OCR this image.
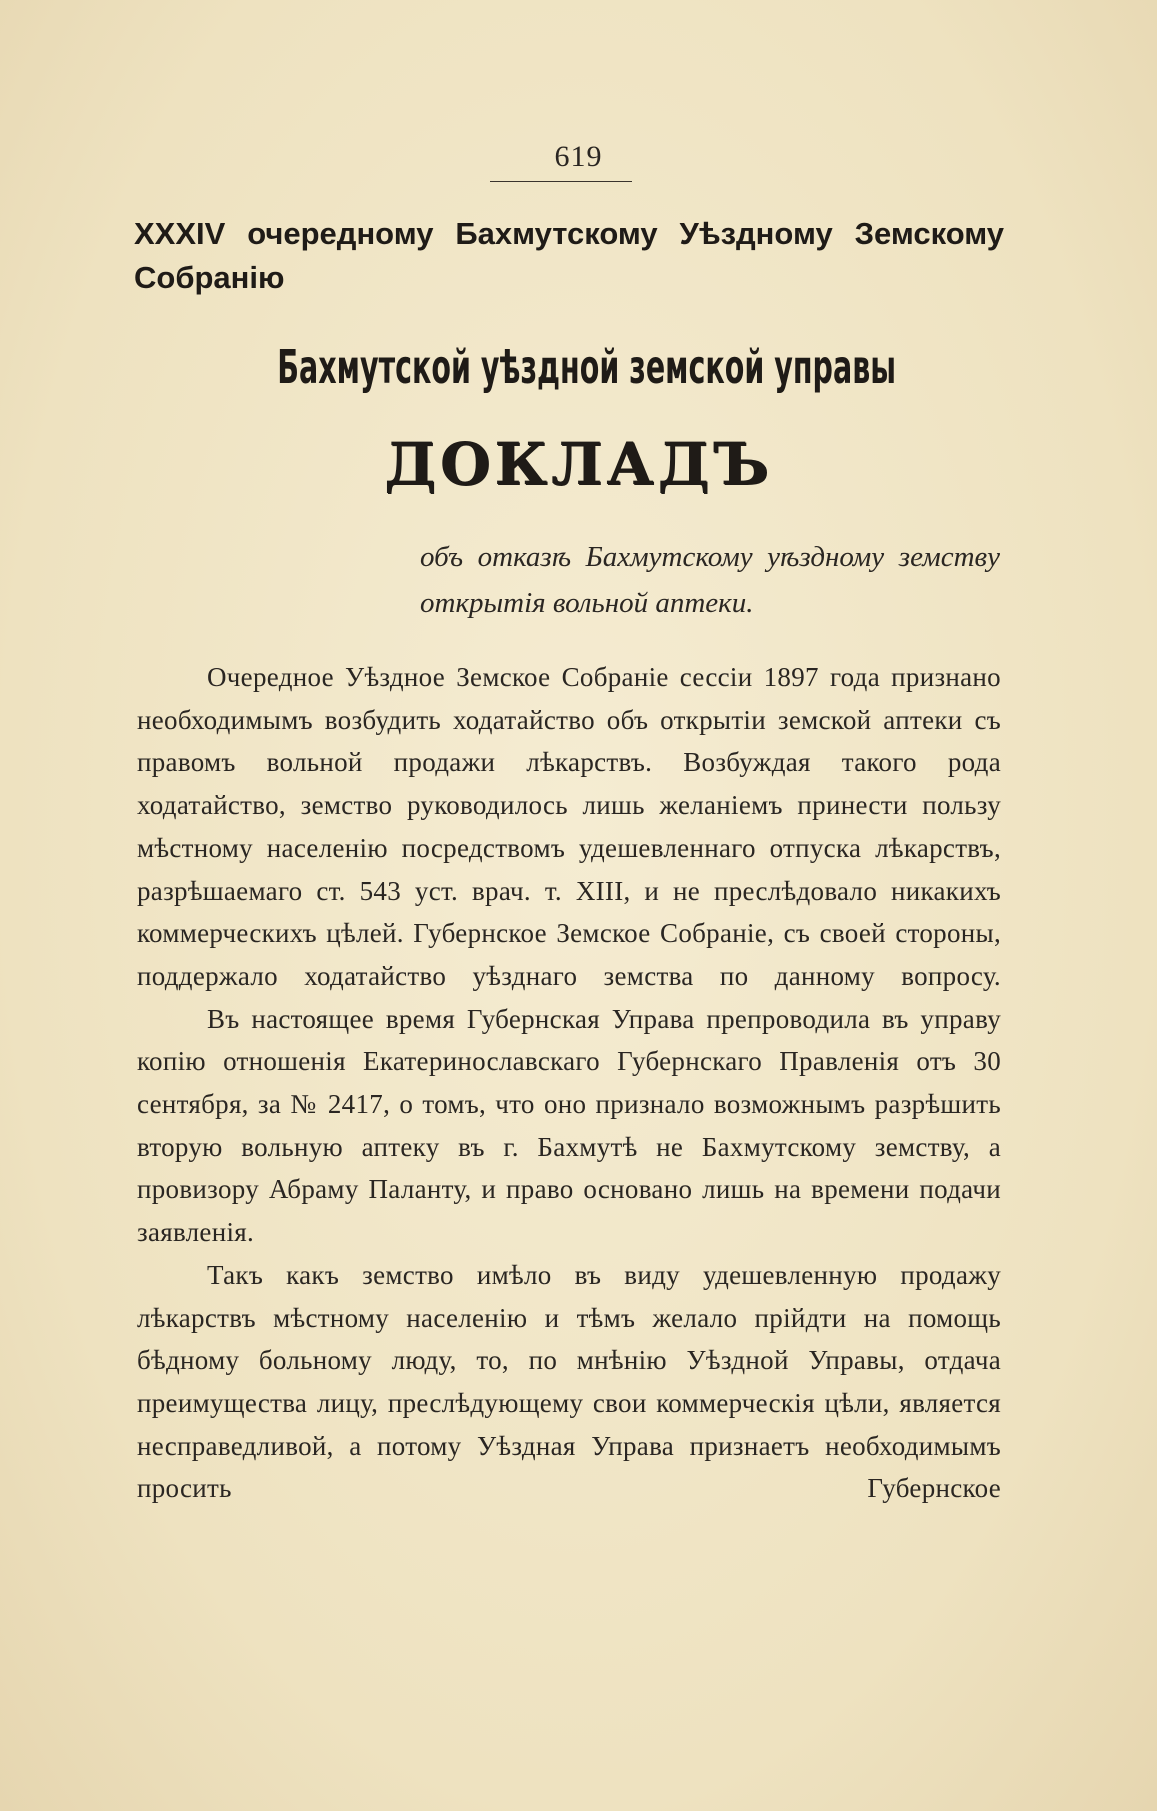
619
XXXIV очередному Бахмутскому Уѣздному Земскому Собранію
Бахмутской уѣздной земской управы
ДОКЛАДЪ
объ отказѣ Бахмутскому уѣздному земству открытія вольной аптеки.

Очередное Уѣздное Земское Собраніе сессіи 1897 года признано необходимымъ возбудить ходатайство объ открытіи земской аптеки съ правомъ вольной продажи лѣкарствъ. Возбуждая такого рода ходатайство, земство руководилось лишь желаніемъ принести пользу мѣстному населенію посредствомъ удешевленнаго отпуска лѣкарствъ, разрѣшаемаго ст. 543 уст. врач. т. XIII, и не преслѣдовало никакихъ коммерческихъ цѣлей. Губернское Земское Собраніе, съ своей стороны, поддержало ходатайство уѣзднаго земства по данному вопросу.

Въ настоящее время Губернская Управа препроводила въ управу копію отношенія Екатеринославскаго Губернскаго Правленія отъ 30 сентября, за № 2417, о томъ, что оно признало возможнымъ разрѣшить вторую вольную аптеку въ г. Бахмутѣ не Бахмутскому земству, а провизору Абраму Паланту, и право основано лишь на времени подачи заявленія.

Такъ какъ земство имѣло въ виду удешевленную продажу лѣкарствъ мѣстному населенію и тѣмъ желало прійдти на помощь бѣдному больному люду, то, по мнѣнію Уѣздной Управы, отдача преимущества лицу, преслѣдующему свои коммерческія цѣли, является несправедливой, а потому Уѣздная Управа признаетъ необходимымъ просить Губернское
